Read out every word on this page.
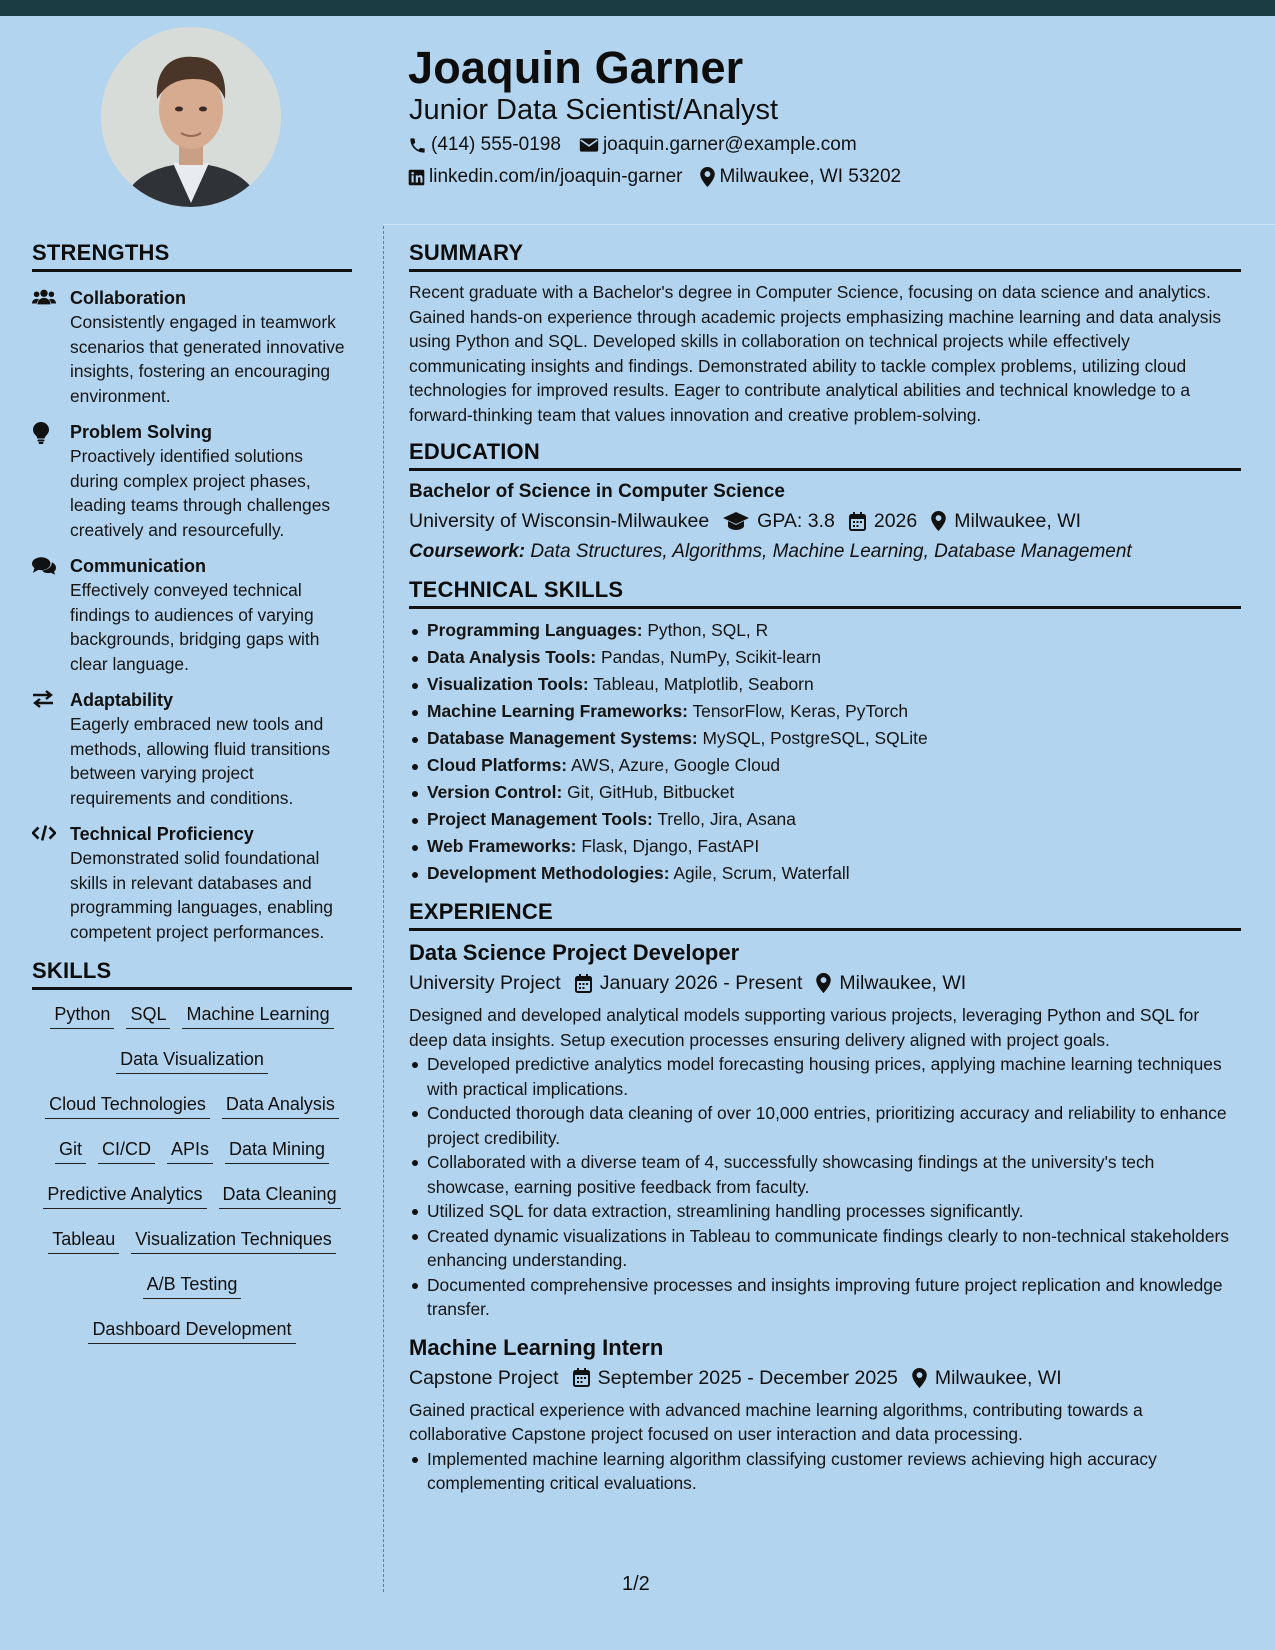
Joaquin Garner
Junior Data Scientist/Analyst
(414) 555-0198 joaquin.garner@example.com
linkedin.com/in/joaquin-garner Milwaukee, WI 53202
STRENGTHS
Collaboration
Consistently engaged in teamwork scenarios that generated innovative insights, fostering an encouraging environment.
Problem Solving
Proactively identified solutions during complex project phases, leading teams through challenges creatively and resourcefully.
Communication
Effectively conveyed technical findings to audiences of varying backgrounds, bridging gaps with clear language.
Adaptability
Eagerly embraced new tools and methods, allowing fluid transitions between varying project requirements and conditions.
Technical Proficiency
Demonstrated solid foundational skills in relevant databases and programming languages, enabling competent project performances.
SKILLS
Python SQL Machine Learning
Data Visualization
Cloud Technologies Data Analysis
Git CI/CD APIs Data Mining
Predictive Analytics Data Cleaning
Tableau Visualization Techniques
A/B Testing
Dashboard Development
SUMMARY
Recent graduate with a Bachelor's degree in Computer Science, focusing on data science and analytics. Gained hands-on experience through academic projects emphasizing machine learning and data analysis using Python and SQL. Developed skills in collaboration on technical projects while effectively communicating insights and findings. Demonstrated ability to tackle complex problems, utilizing cloud technologies for improved results. Eager to contribute analytical abilities and technical knowledge to a forward-thinking team that values innovation and creative problem-solving.
EDUCATION
Bachelor of Science in Computer Science
University of Wisconsin-Milwaukee GPA: 3.8 2026 Milwaukee, WI
Coursework: Data Structures, Algorithms, Machine Learning, Database Management
TECHNICAL SKILLS
Programming Languages: Python, SQL, R
Data Analysis Tools: Pandas, NumPy, Scikit-learn
Visualization Tools: Tableau, Matplotlib, Seaborn
Machine Learning Frameworks: TensorFlow, Keras, PyTorch
Database Management Systems: MySQL, PostgreSQL, SQLite
Cloud Platforms: AWS, Azure, Google Cloud
Version Control: Git, GitHub, Bitbucket
Project Management Tools: Trello, Jira, Asana
Web Frameworks: Flask, Django, FastAPI
Development Methodologies: Agile, Scrum, Waterfall
EXPERIENCE
Data Science Project Developer
University Project January 2026 - Present Milwaukee, WI
Designed and developed analytical models supporting various projects, leveraging Python and SQL for deep data insights. Setup execution processes ensuring delivery aligned with project goals.
Developed predictive analytics model forecasting housing prices, applying machine learning techniques with practical implications.
Conducted thorough data cleaning of over 10,000 entries, prioritizing accuracy and reliability to enhance project credibility.
Collaborated with a diverse team of 4, successfully showcasing findings at the university's tech showcase, earning positive feedback from faculty.
Utilized SQL for data extraction, streamlining handling processes significantly.
Created dynamic visualizations in Tableau to communicate findings clearly to non-technical stakeholders enhancing understanding.
Documented comprehensive processes and insights improving future project replication and knowledge transfer.
Machine Learning Intern
Capstone Project September 2025 - December 2025 Milwaukee, WI
Gained practical experience with advanced machine learning algorithms, contributing towards a collaborative Capstone project focused on user interaction and data processing.
Implemented machine learning algorithm classifying customer reviews achieving high accuracy complementing critical evaluations.
1/2
